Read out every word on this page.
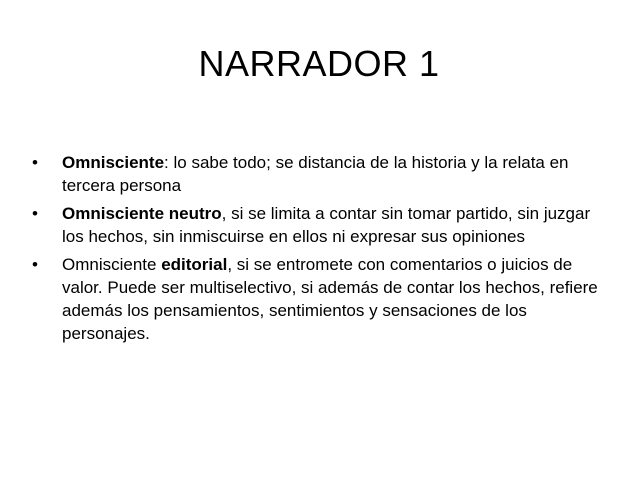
NARRADOR 1
•	Omnisciente: lo sabe todo; se distancia de la historia y la relata en tercera persona
•	Omnisciente neutro, si se limita a contar sin tomar partido, sin juzgar los hechos, sin inmiscuirse en ellos ni expresar sus opiniones
•	Omnisciente editorial, si se entromete con comentarios o juicios de valor. Puede ser multiselectivo, si además de contar los hechos, refiere además los pensamientos, sentimientos y sensaciones de los personajes.
